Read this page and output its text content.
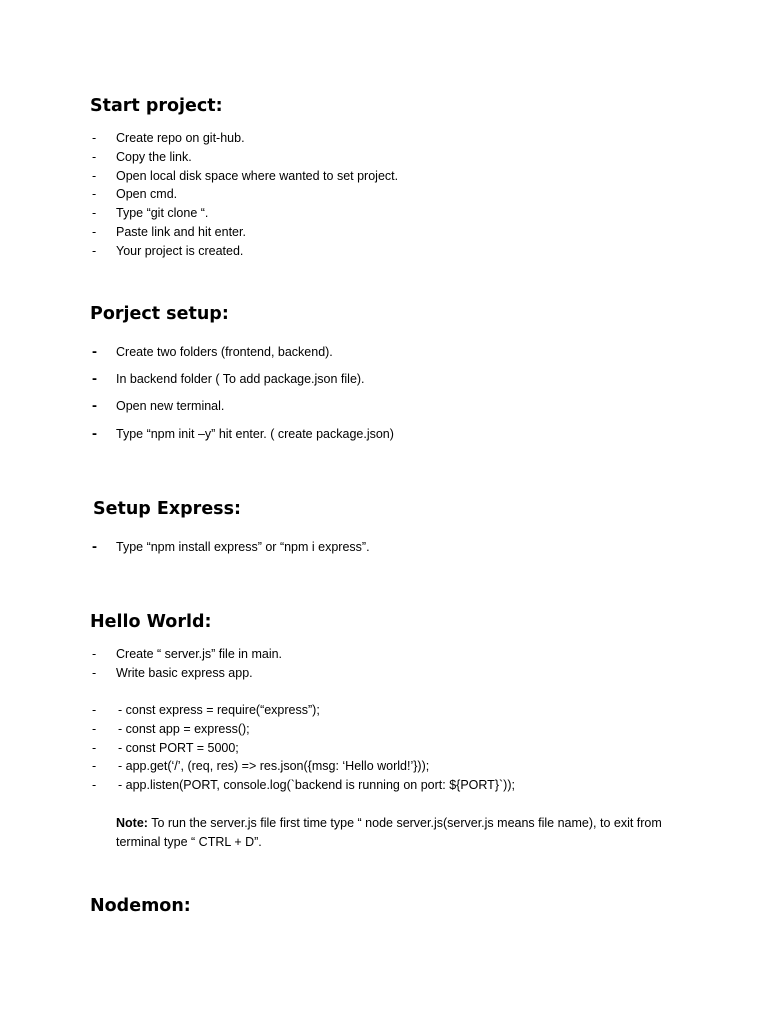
Start project:
- Create repo on git-hub.
- Copy the link.
- Open local disk space where wanted to set project.
- Open cmd.
- Type “git clone “.
- Paste link and hit enter.
- Your project is created.
Porject setup:
- Create two folders (frontend, backend).
- In backend folder ( To add package.json file).
- Open new terminal.
- Type “npm init –y” hit enter. ( create package.json)
Setup Express:
- Type “npm install express” or “npm i express”.
Hello World:
- Create “ server.js” file in main.
- Write basic express app.
- - const express = require(“express”);
- - const app = express();
- - const PORT = 5000;
- - app.get(‘/’, (req, res) => res.json({msg: ‘Hello world!’}));
- - app.listen(PORT, console.log(`backend is running on port: ${PORT}`));

Note: To run the server.js file first time type “ node server.js(server.js means file name), to exit from terminal type “ CTRL + D”.

Nodemon:
